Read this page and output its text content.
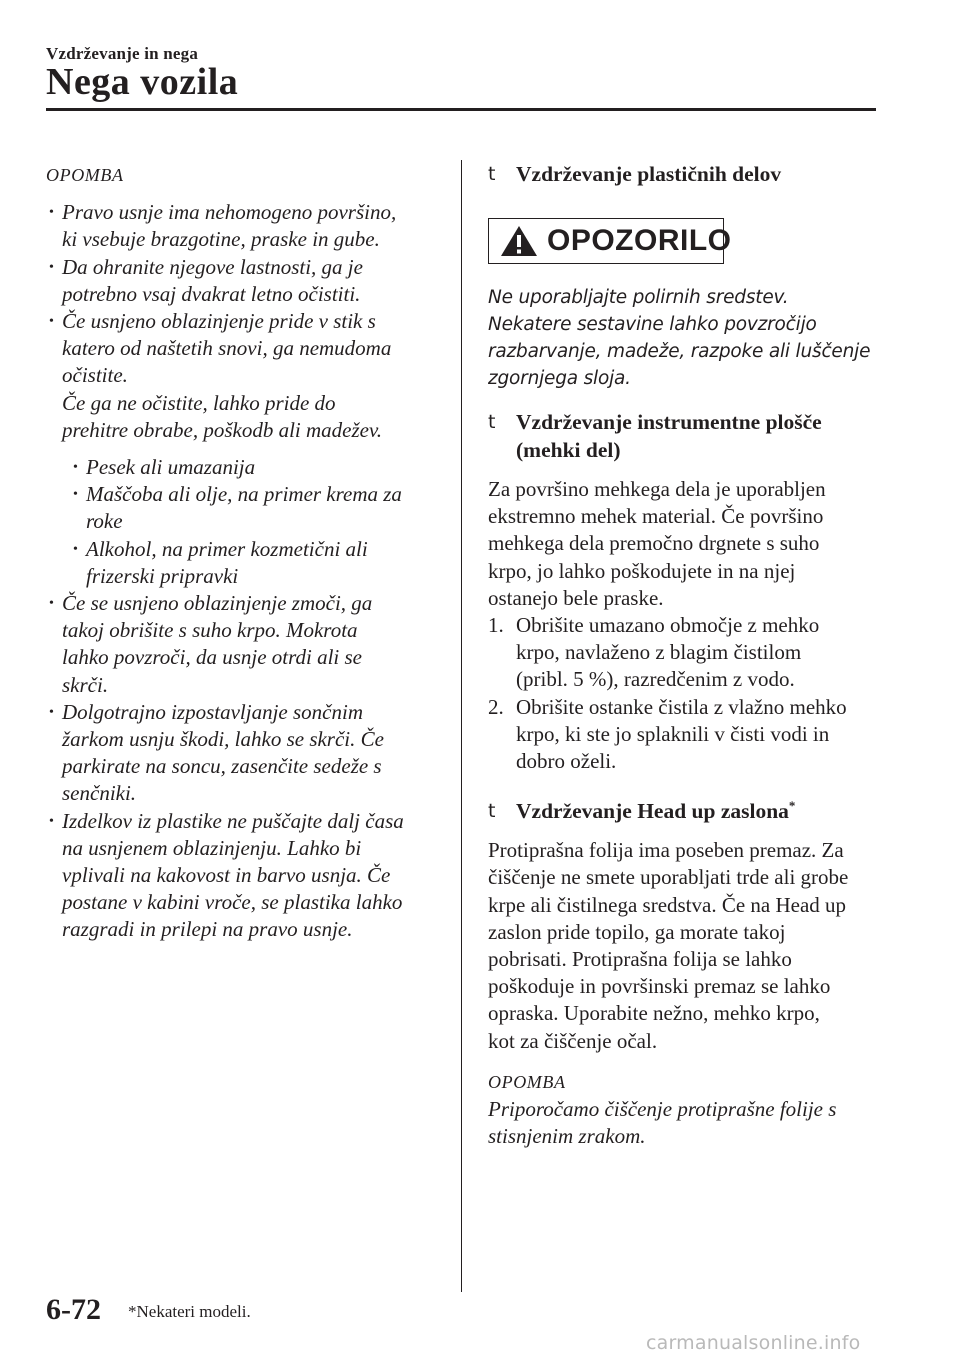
Vzdrževanje in nega
Nega vozila
OPOMBA
• Pravo usnje ima nehomogeno površino,
ki vsebuje brazgotine, praske in gube.
• Da ohranite njegove lastnosti, ga je
potrebno vsaj dvakrat letno očistiti.
• Če usnjeno oblazinjenje pride v stik s
katero od naštetih snovi, ga nemudoma
očistite.
Če ga ne očistite, lahko pride do
prehitre obrabe, poškodb ali madežev.
• Pesek ali umazanija
• Maščoba ali olje, na primer krema za
roke
• Alkohol, na primer kozmetični ali
frizerski pripravki
• Če se usnjeno oblazinjenje zmoči, ga
takoj obrišite s suho krpo. Mokrota
lahko povzroči, da usnje otrdi ali se
skrči.
• Dolgotrajno izpostavljanje sončnim
žarkom usnju škodi, lahko se skrči. Če
parkirate na soncu, zasenčite sedeže s
senčniki.
• Izdelkov iz plastike ne puščajte dalj časa
na usnjenem oblazinjenju. Lahko bi
vplivali na kakovost in barvo usnja. Če
postane v kabini vroče, se plastika lahko
razgradi in prilepi na pravo usnje.
t Vzdrževanje plastičnih delov
OPOZORILO
Ne uporabljajte polirnih sredstev.
Nekatere sestavine lahko povzročijo
razbarvanje, madeže, razpoke ali luščenje
zgornjega sloja.
t Vzdrževanje instrumentne plošče
(mehki del)
Za površino mehkega dela je uporabljen
ekstremno mehek material. Če površino
mehkega dela premočno drgnete s suho
krpo, jo lahko poškodujete in na njej
ostanejo bele praske.
1. Obrišite umazano območje z mehko
krpo, navlaženo z blagim čistilom
(pribl. 5 %), razredčenim z vodo.
2. Obrišite ostanke čistila z vlažno mehko
krpo, ki ste jo splaknili v čisti vodi in
dobro oželi.
t Vzdrževanje Head up zaslona*
Protiprašna folija ima poseben premaz. Za
čiščenje ne smete uporabljati trde ali grobe
krpe ali čistilnega sredstva. Če na Head up
zaslon pride topilo, ga morate takoj
pobrisati. Protiprašna folija se lahko
poškoduje in površinski premaz se lahko
opraska. Uporabite nežno, mehko krpo,
kot za čiščenje očal.
OPOMBA
Priporočamo čiščenje protiprašne folije s
stisnjenim zrakom.
6-72 *Nekateri modeli.
carmanualsonline.info
